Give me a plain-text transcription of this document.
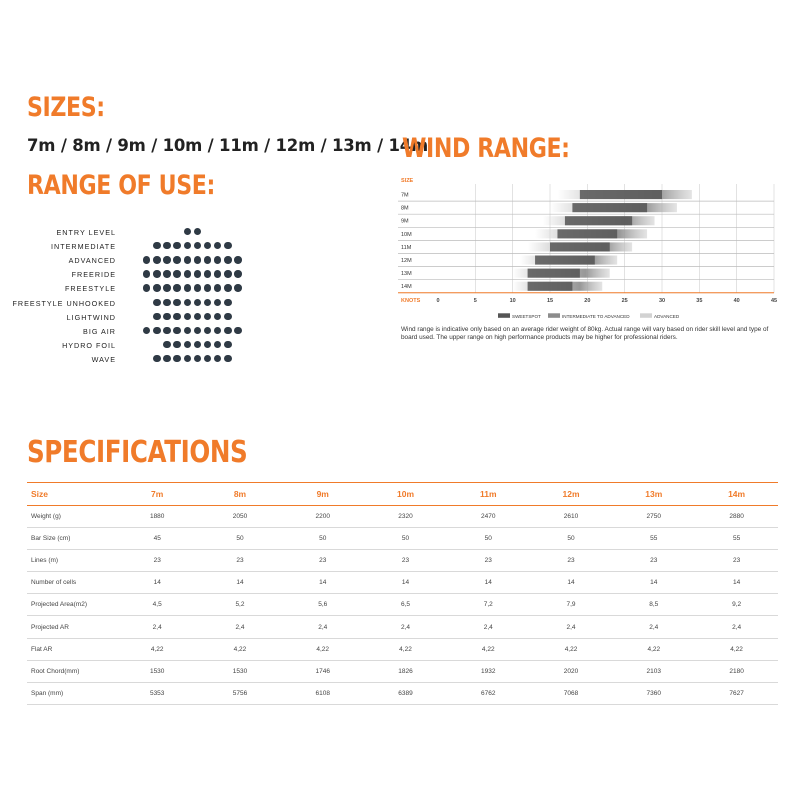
SIZES:
7m / 8m / 9m / 10m / 11m / 12m / 13m / 14m
RANGE OF USE:
ENTRY LEVEL
INTERMEDIATE
ADVANCED
FREERIDE
FREESTYLE
FREESTYLE UNHOOKED
LIGHTWIND
BIG AIR
HYDRO FOIL
WAVE
WIND RANGE:
SIZE
7M
8M
9M
10M
11M
12M
13M
14M
KNOTS	0	5	10	15	20	25	30	35	40	45
SWEETSPOT	INTERMEDIATE TO ADVANCED	ADVANCED
Wind range is indicative only based on an average rider weight of 80kg. Actual range will vary based on rider skill level and type of board used. The upper range on high performance products may be higher for professional riders.
SPECIFICATIONS
Size	7m	8m	9m	10m	11m	12m	13m	14m
Weight (g)	1880	2050	2200	2320	2470	2610	2750	2880
Bar Size (cm)	45	50	50	50	50	50	55	55
Lines (m)	23	23	23	23	23	23	23	23
Number of cells	14	14	14	14	14	14	14	14
Projected Area(m2)	4,5	5,2	5,6	6,5	7,2	7,9	8,5	9,2
Projected AR	2,4	2,4	2,4	2,4	2,4	2,4	2,4	2,4
Flat AR	4,22	4,22	4,22	4,22	4,22	4,22	4,22	4,22
Root Chord(mm)	1530	1530	1746	1826	1932	2020	2103	2180
Span (mm)	5353	5756	6108	6389	6762	7068	7360	7627
